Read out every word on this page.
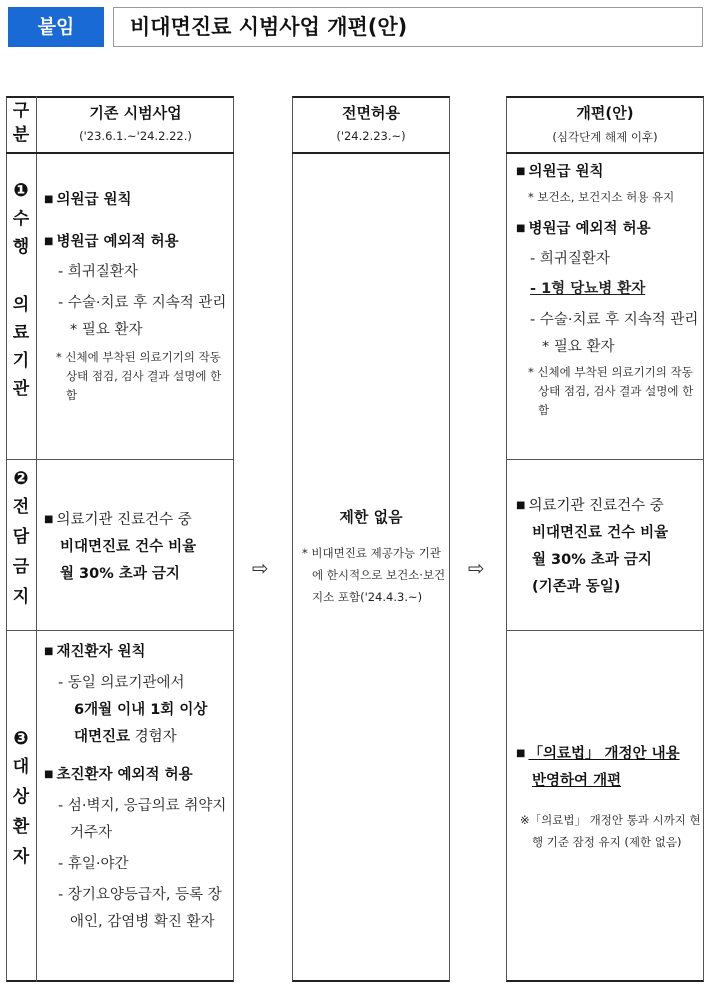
붙임	비대면진료 시범사업 개편(안)
구
분
기존 시범사업
('23.6.1.~'24.2.22.)
❶
수
행
의
료
기
관
❷
전
담
금
지
❸
대
상
환
자
■ 의원급 원칙
■ 병원급 예외적 허용
- 희귀질환자
- 수술·치료 후 지속적 관리* 필요 환자
* 신체에 부착된 의료기기의 작동상태 점검, 검사 결과 설명에 한함
■ 의료기관 진료건수 중
비대면진료 건수 비율
월 30% 초과 금지
■ 재진환자 원칙
- 동일 의료기관에서
6개월 이내 1회 이상
대면진료 경험자
■ 초진환자 예외적 허용
- 섬·벽지, 응급의료 취약지 거주자
- 휴일·야간
- 장기요양등급자, 등록 장애인, 감염병 확진 환자
⇨	⇨
전면허용
('24.2.23.~)
제한 없음
* 비대면진료 제공가능 기관에 한시적으로 보건소·보건지소 포함('24.4.3.~)
개편(안)
(심각단계 해제 이후)
■ 의원급 원칙
* 보건소, 보건지소 허용 유지
■ 병원급 예외적 허용
- 희귀질환자
- 1형 당뇨병 환자
- 수술·치료 후 지속적 관리* 필요 환자
* 신체에 부착된 의료기기의 작동상태 점검, 검사 결과 설명에 한함
■ 의료기관 진료건수 중
비대면진료 건수 비율
월 30% 초과 금지
(기존과 동일)
■ 「의료법」 개정안 내용
반영하여 개편
※「의료법」 개정안 통과 시까지 현행 기준 잠정 유지 (제한 없음)
